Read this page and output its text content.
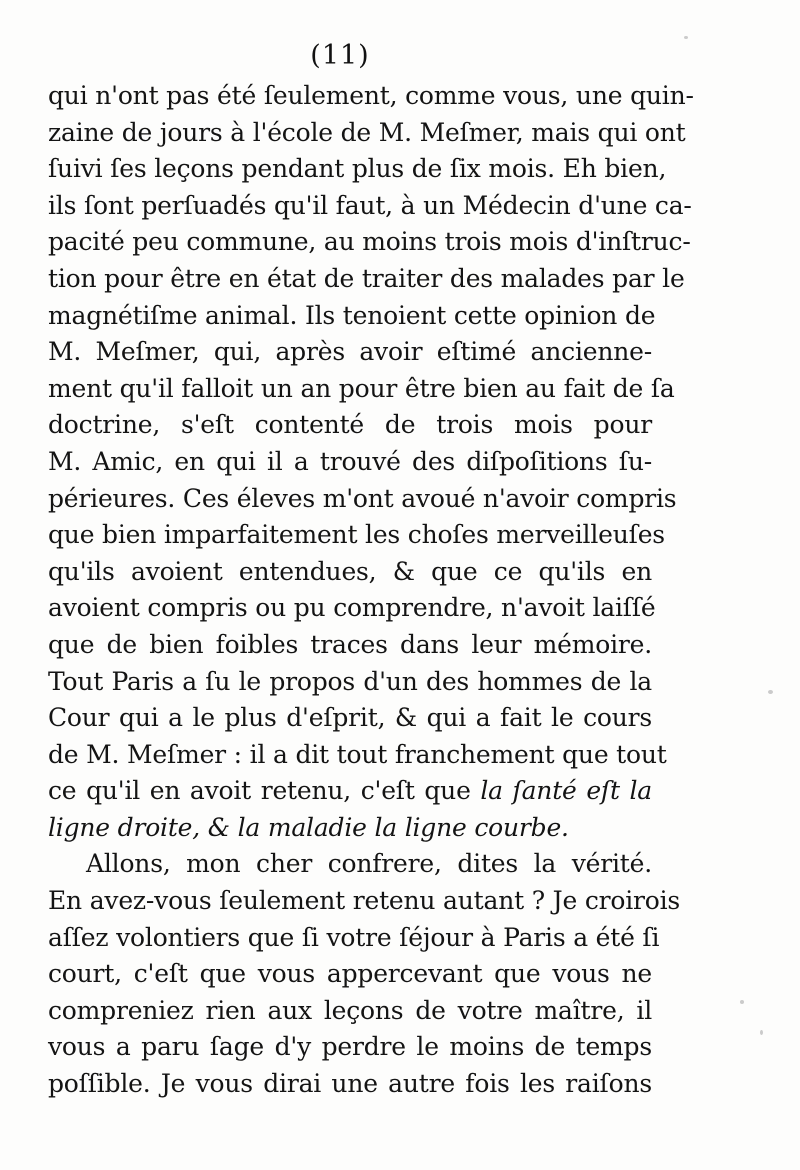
(11)
qui n'ont pas été ſeulement, comme vous, une quin-
zaine de jours à l'école de M. Meſmer, mais qui ont
ſuivi ſes leçons pendant plus de ſix mois. Eh bien,
ils ſont perſuadés qu'il faut, à un Médecin d'une ca-
pacité peu commune, au moins trois mois d'inſtruc-
tion pour être en état de traiter des malades par le
magnétiſme animal. Ils tenoient cette opinion de
M. Meſmer, qui, après avoir eſtimé ancienne-
ment qu'il falloit un an pour être bien au fait de ſa
doctrine, s'eſt contenté de trois mois pour
M. Amic, en qui il a trouvé des diſpoſitions ſu-
périeures. Ces éleves m'ont avoué n'avoir compris
que bien imparfaitement les choſes merveilleuſes
qu'ils avoient entendues, & que ce qu'ils en
avoient compris ou pu comprendre, n'avoit laiſſé
que de bien foibles traces dans leur mémoire.
Tout Paris a ſu le propos d'un des hommes de la
Cour qui a le plus d'eſprit, & qui a fait le cours
de M. Meſmer : il a dit tout franchement que tout
ce qu'il en avoit retenu, c'eſt que la ſanté eſt la
ligne droite, & la maladie la ligne courbe.
Allons, mon cher confrere, dites la vérité.
En avez-vous ſeulement retenu autant ? Je croirois
aſſez volontiers que ſi votre ſéjour à Paris a été ſi
court, c'eſt que vous appercevant que vous ne
compreniez rien aux leçons de votre maître, il
vous a paru ſage d'y perdre le moins de temps
poſſible. Je vous dirai une autre fois les raiſons
